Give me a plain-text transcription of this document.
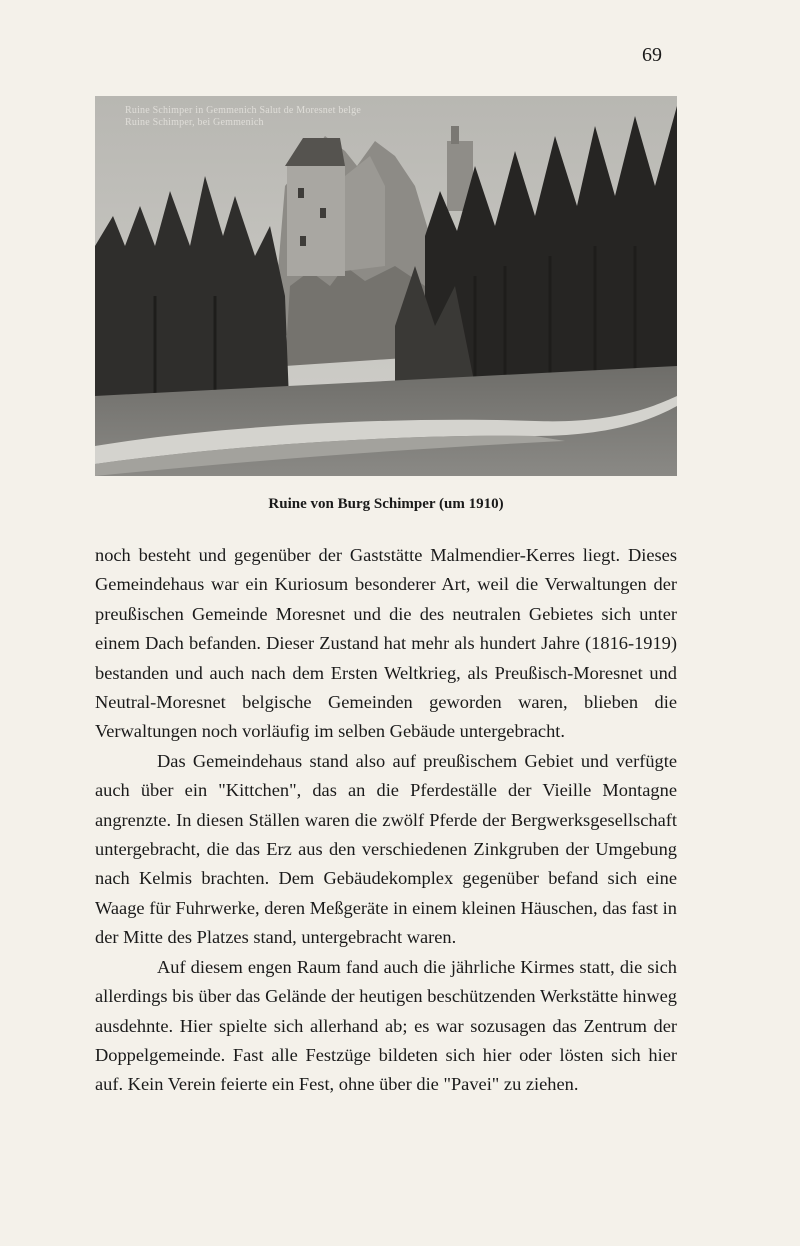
69
Ruine Schimper in Gemmenich Salut de Moresnet belge
Ruine Schimper, bei Gemmenich
Ruine von Burg Schimper (um 1910)

noch besteht und gegenüber der Gaststätte Malmendier-Kerres liegt. Dieses Gemeindehaus war ein Kuriosum besonderer Art, weil die Verwaltungen der preußischen Gemeinde Moresnet und die des neutralen Gebietes sich unter einem Dach befanden. Dieser Zustand hat mehr als hundert Jahre (1816-1919) bestanden und auch nach dem Ersten Weltkrieg, als Preußisch-Moresnet und Neutral-Moresnet belgische Gemeinden geworden waren, blieben die Verwaltungen noch vorläufig im selben Gebäude untergebracht.

Das Gemeindehaus stand also auf preußischem Gebiet und verfügte auch über ein "Kittchen", das an die Pferdeställe der Vieille Montagne angrenzte. In diesen Ställen waren die zwölf Pferde der Bergwerksgesellschaft untergebracht, die das Erz aus den verschiedenen Zinkgruben der Umgebung nach Kelmis brachten. Dem Gebäudekomplex gegenüber befand sich eine Waage für Fuhrwerke, deren Meßgeräte in einem kleinen Häuschen, das fast in der Mitte des Platzes stand, untergebracht waren.

Auf diesem engen Raum fand auch die jährliche Kirmes statt, die sich allerdings bis über das Gelände der heutigen beschützenden Werkstätte hinweg ausdehnte. Hier spielte sich allerhand ab; es war sozusagen das Zentrum der Doppelgemeinde. Fast alle Festzüge bildeten sich hier oder lösten sich hier auf. Kein Verein feierte ein Fest, ohne über die "Pavei" zu ziehen.
